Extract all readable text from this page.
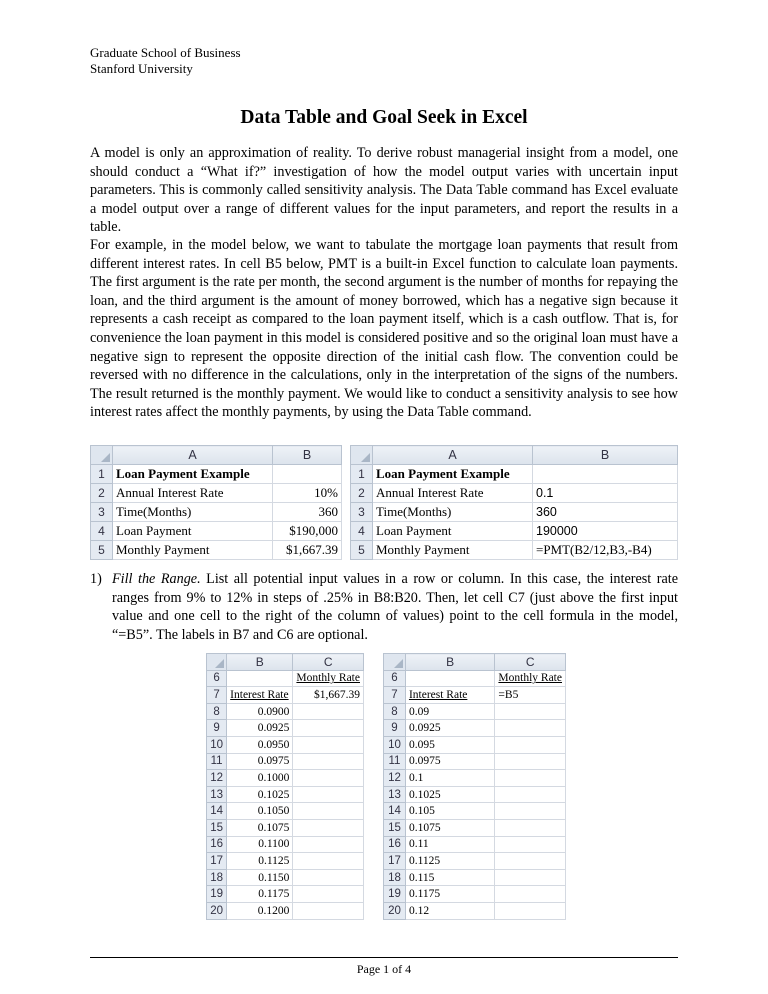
Graduate School of Business
Stanford University
Data Table and Goal Seek in Excel

A model is only an approximation of reality. To derive robust managerial insight from a model, one should conduct a “What if?” investigation of how the model output varies with uncertain input parameters. This is commonly called sensitivity analysis. The Data Table command has Excel evaluate a model output over a range of different values for the input parameters, and report the results in a table.

For example, in the model below, we want to tabulate the mortgage loan payments that result from different interest rates. In cell B5 below, PMT is a built-in Excel function to calculate loan payments. The first argument is the rate per month, the second argument is the number of months for repaying the loan, and the third argument is the amount of money borrowed, which has a negative sign because it represents a cash receipt as compared to the loan payment itself, which is a cash outflow. That is, for convenience the loan payment in this model is considered positive and so the original loan must have a negative sign to represent the opposite direction of the initial cash flow. The convention could be reversed with no difference in the calculations, only in the interpretation of the signs of the numbers. The result returned is the monthly payment. We would like to conduct a sensitivity analysis to see how interest rates affect the monthly payments, by using the Data Table command.

	A	B
1	Loan Payment Example	
2	Annual Interest Rate	10%
3	Time(Months)	360
4	Loan Payment	$190,000
5	Monthly Payment	$1,667.39
	A	B
1	Loan Payment Example	
2	Annual Interest Rate	0.1
3	Time(Months)	360
4	Loan Payment	190000
5	Monthly Payment	=PMT(B2/12,B3,-B4)
1) Fill the Range. List all potential input values in a row or column. In this case, the interest rate ranges from 9% to 12% in steps of .25% in B8:B20. Then, let cell C7 (just above the first input value and one cell to the right of the column of values) point to the cell formula in the model, “=B5”. The labels in B7 and C6 are optional.
	B	C
6		Monthly Rate
7	Interest Rate	$1,667.39
8	0.0900	
9	0.0925	
10	0.0950	
11	0.0975	
12	0.1000	
13	0.1025	
14	0.1050	
15	0.1075	
16	0.1100	
17	0.1125	
18	0.1150	
19	0.1175	
20	0.1200	
	B	C
6		Monthly Rate
7	Interest Rate	=B5
8	0.09	
9	0.0925	
10	0.095	
11	0.0975	
12	0.1	
13	0.1025	
14	0.105	
15	0.1075	
16	0.11	
17	0.1125	
18	0.115	
19	0.1175	
20	0.12	
Page 1 of 4
